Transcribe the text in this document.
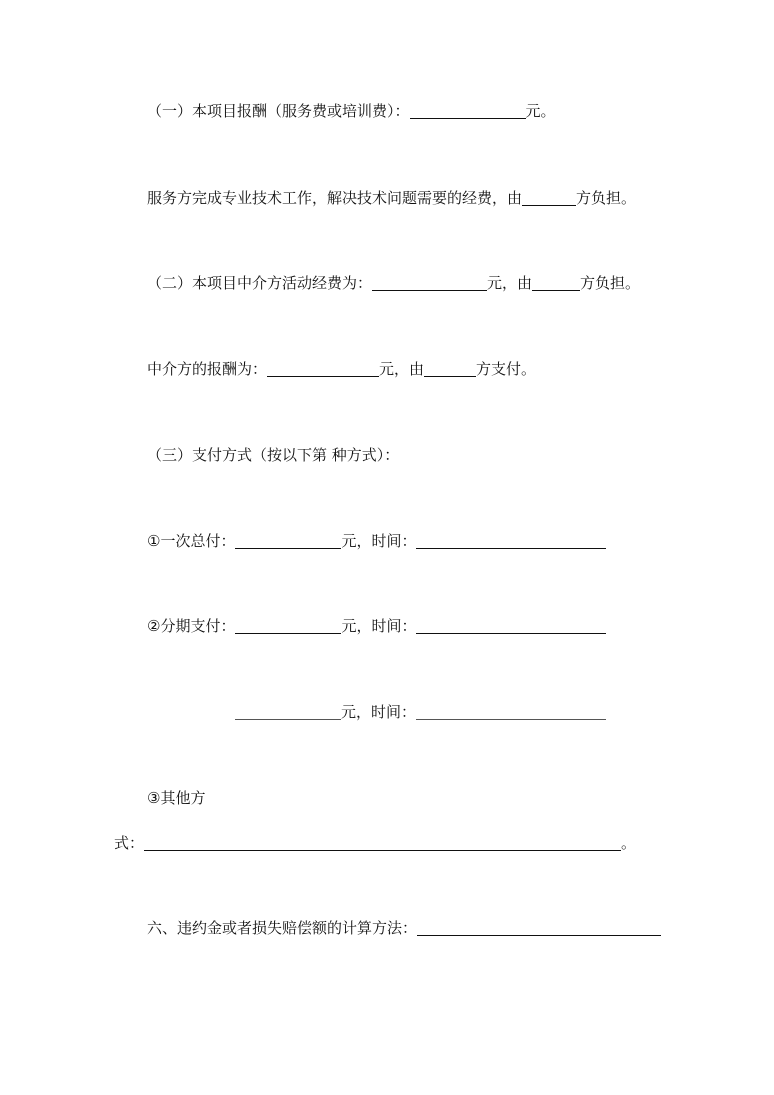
（一）本项目报酬（服务费或培训费）：	元。
服务方完成专业技术工作，解决技术问题需要的经费，由	方负担。
（二）本项目中介方活动经费为：	元，由	方负担。
中介方的报酬为：	元，由	方支付。
（三）支付方式（按以下第 种方式）：
①一次总付：	元，时间：
②分期支付：	元，时间：
元，时间：
③其他方
式：	。
六、违约金或者损失赔偿额的计算方法：
